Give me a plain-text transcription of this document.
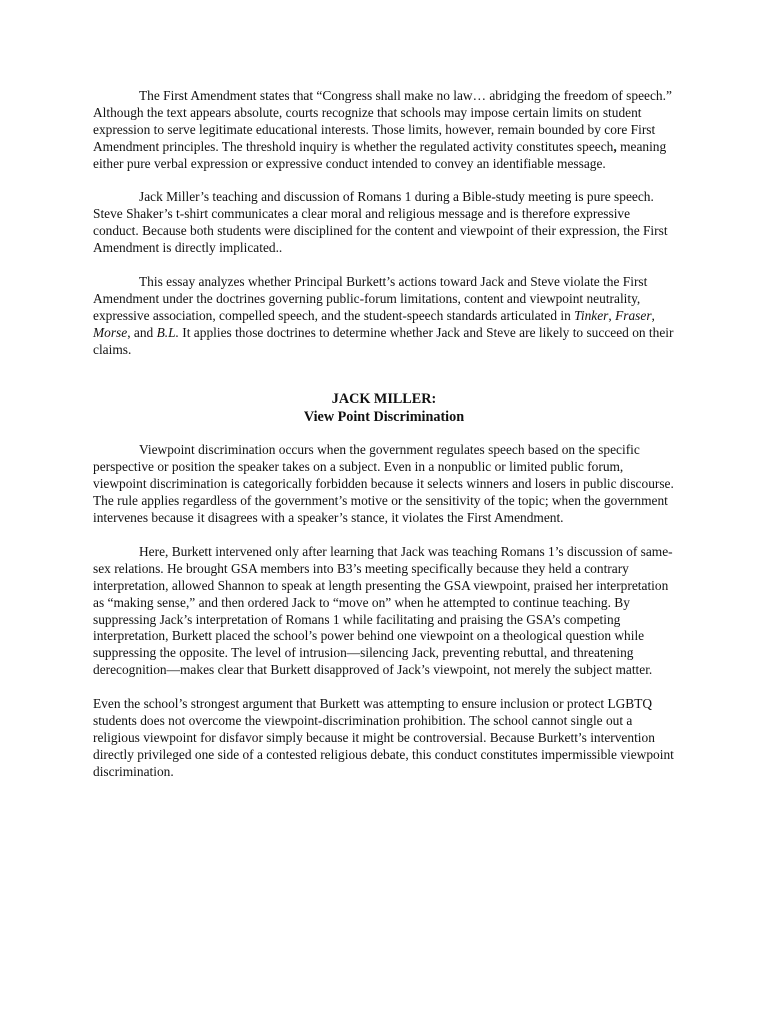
The First Amendment states that “Congress shall make no law… abridging the freedom of speech.” Although the text appears absolute, courts recognize that schools may impose certain limits on student expression to serve legitimate educational interests. Those limits, however, remain bounded by core First Amendment principles. The threshold inquiry is whether the regulated activity constitutes speech, meaning either pure verbal expression or expressive conduct intended to convey an identifiable message.

Jack Miller’s teaching and discussion of Romans 1 during a Bible-study meeting is pure speech. Steve Shaker’s t-shirt communicates a clear moral and religious message and is therefore expressive conduct. Because both students were disciplined for the content and viewpoint of their expression, the First Amendment is directly implicated..

This essay analyzes whether Principal Burkett’s actions toward Jack and Steve violate the First Amendment under the doctrines governing public-forum limitations, content and viewpoint neutrality, expressive association, compelled speech, and the student-speech standards articulated in Tinker, Fraser, Morse, and B.L. It applies those doctrines to determine whether Jack and Steve are likely to succeed on their claims.

JACK MILLER:
View Point Discrimination

Viewpoint discrimination occurs when the government regulates speech based on the specific perspective or position the speaker takes on a subject. Even in a nonpublic or limited public forum, viewpoint discrimination is categorically forbidden because it selects winners and losers in public discourse. The rule applies regardless of the government’s motive or the sensitivity of the topic; when the government intervenes because it disagrees with a speaker’s stance, it violates the First Amendment.

Here, Burkett intervened only after learning that Jack was teaching Romans 1’s discussion of same-sex relations. He brought GSA members into B3’s meeting specifically because they held a contrary interpretation, allowed Shannon to speak at length presenting the GSA viewpoint, praised her interpretation as “making sense,” and then ordered Jack to “move on” when he attempted to continue teaching. By suppressing Jack’s interpretation of Romans 1 while facilitating and praising the GSA’s competing interpretation, Burkett placed the school’s power behind one viewpoint on a theological question while suppressing the opposite. The level of intrusion—silencing Jack, preventing rebuttal, and threatening derecognition—makes clear that Burkett disapproved of Jack’s viewpoint, not merely the subject matter.

Even the school’s strongest argument that Burkett was attempting to ensure inclusion or protect LGBTQ students does not overcome the viewpoint-discrimination prohibition. The school cannot single out a religious viewpoint for disfavor simply because it might be controversial. Because Burkett’s intervention directly privileged one side of a contested religious debate, this conduct constitutes impermissible viewpoint discrimination.
